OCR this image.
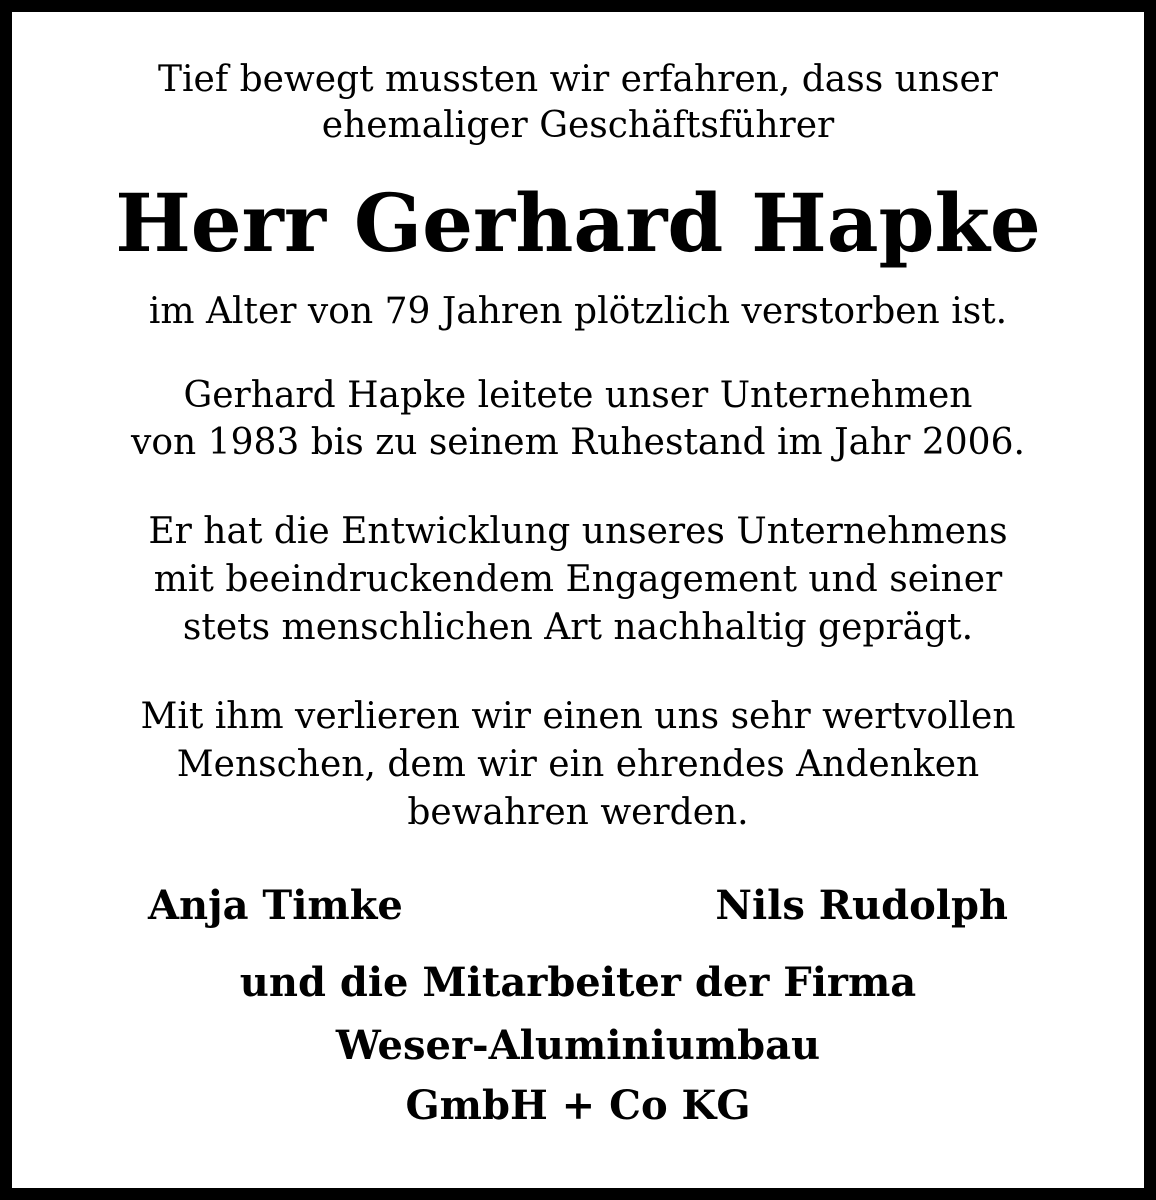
Tief bewegt mussten wir erfahren, dass unser
ehemaliger Geschäftsführer
Herr Gerhard Hapke
im Alter von 79 Jahren plötzlich verstorben ist.
Gerhard Hapke leitete unser Unternehmen
von 1983 bis zu seinem Ruhestand im Jahr 2006.
Er hat die Entwicklung unseres Unternehmens
mit beeindruckendem Engagement und seiner
stets menschlichen Art nachhaltig geprägt.
Mit ihm verlieren wir einen uns sehr wertvollen
Menschen, dem wir ein ehrendes Andenken
bewahren werden.
Anja Timke	Nils Rudolph
und die Mitarbeiter der Firma
Weser-Aluminiumbau
GmbH + Co KG
